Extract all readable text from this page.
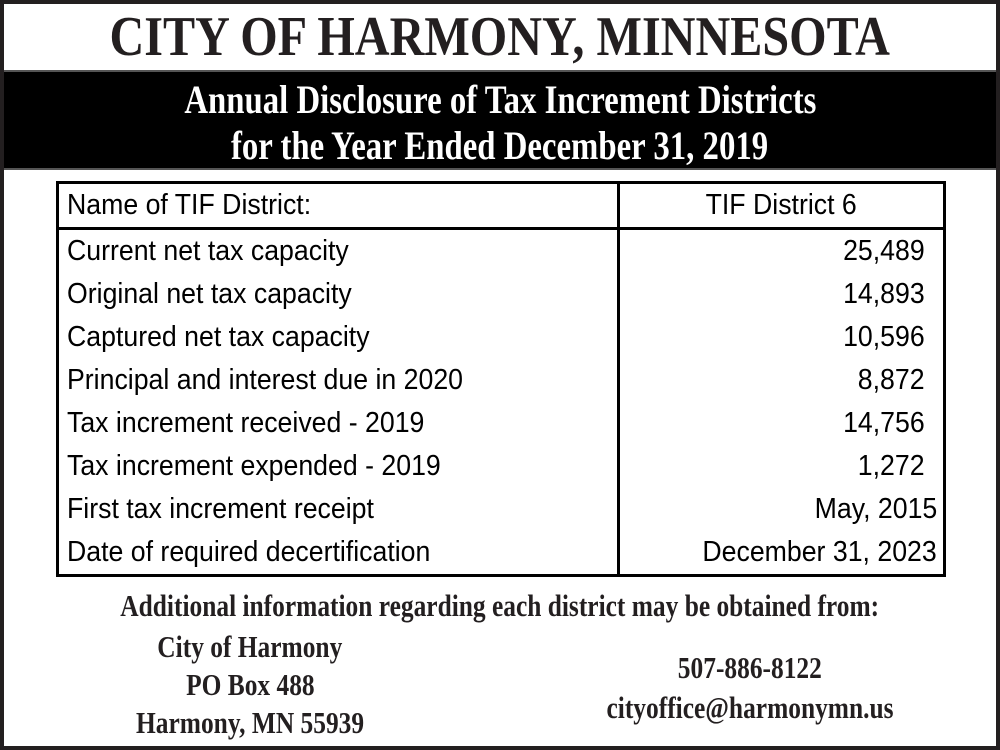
CITY OF HARMONY, MINNESOTA
Annual Disclosure of Tax Increment Districts
for the Year Ended December 31, 2019
Name of TIF District:	TIF District 6
Current net tax capacity	25,489
Original net tax capacity	14,893
Captured net tax capacity	10,596
Principal and interest due in 2020	8,872
Tax increment received - 2019	14,756
Tax increment expended - 2019	1,272
First tax increment receipt	May, 2015
Date of required decertification	December 31, 2023
Additional information regarding each district may be obtained from:
City of Harmony
PO Box 488
Harmony, MN 55939
507-886-8122
cityoffice@harmonymn.us
